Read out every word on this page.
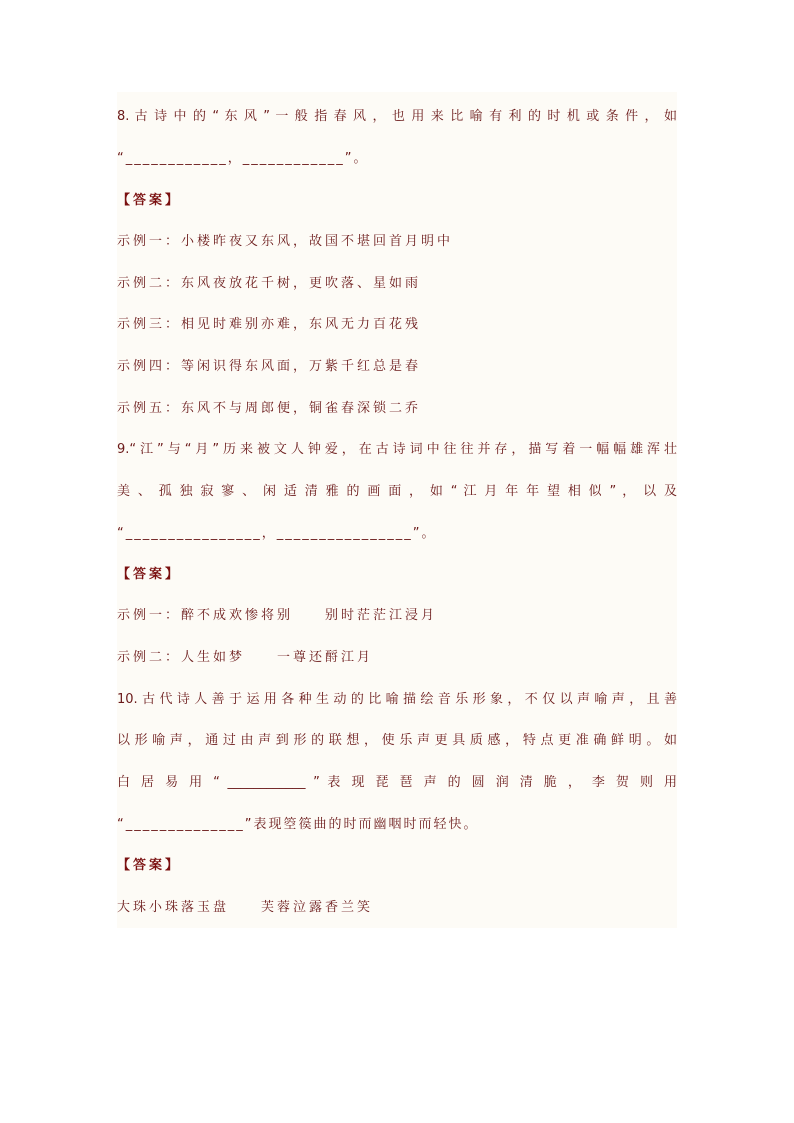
8. 古 诗 中 的 “ 东 风 ” 一 般 指 春 风 ， 也 用 来 比 喻 有 利 的 时 机 或 条 件 ， 如
“____________，____________”。
【答案】
示例一：小楼昨夜又东风，故国不堪回首月明中
示例二：东风夜放花千树，更吹落、星如雨
示例三：相见时难别亦难，东风无力百花残
示例四：等闲识得东风面，万紫千红总是春
示例五：东风不与周郎便，铜雀春深锁二乔
9.“江”与“月”历来被文人钟爱，在古诗词中往往并存，描写着一幅幅雄浑壮
美 、 孤 独 寂 寥 、 闲 适 清 雅 的 画 面 ， 如 “ 江 月 年 年 望 相 似 ” ， 以 及
“________________，________________”。
【答案】
示例一：醉不成欢惨将别　　别时茫茫江浸月
示例二：人生如梦　　一尊还酹江月
10.古代诗人善于运用各种生动的比喻描绘音乐形象，不仅以声喻声，且善
以形喻声，通过由声到形的联想，使乐声更具质感，特点更准确鲜明。如
白 居 易 用 “ ____________ ” 表 现 琵 琶 声 的 圆 润 清 脆 ， 李 贺 则 用
“______________”表现箜篌曲的时而幽咽时而轻快。
【答案】
大珠小珠落玉盘　　芙蓉泣露香兰笑
